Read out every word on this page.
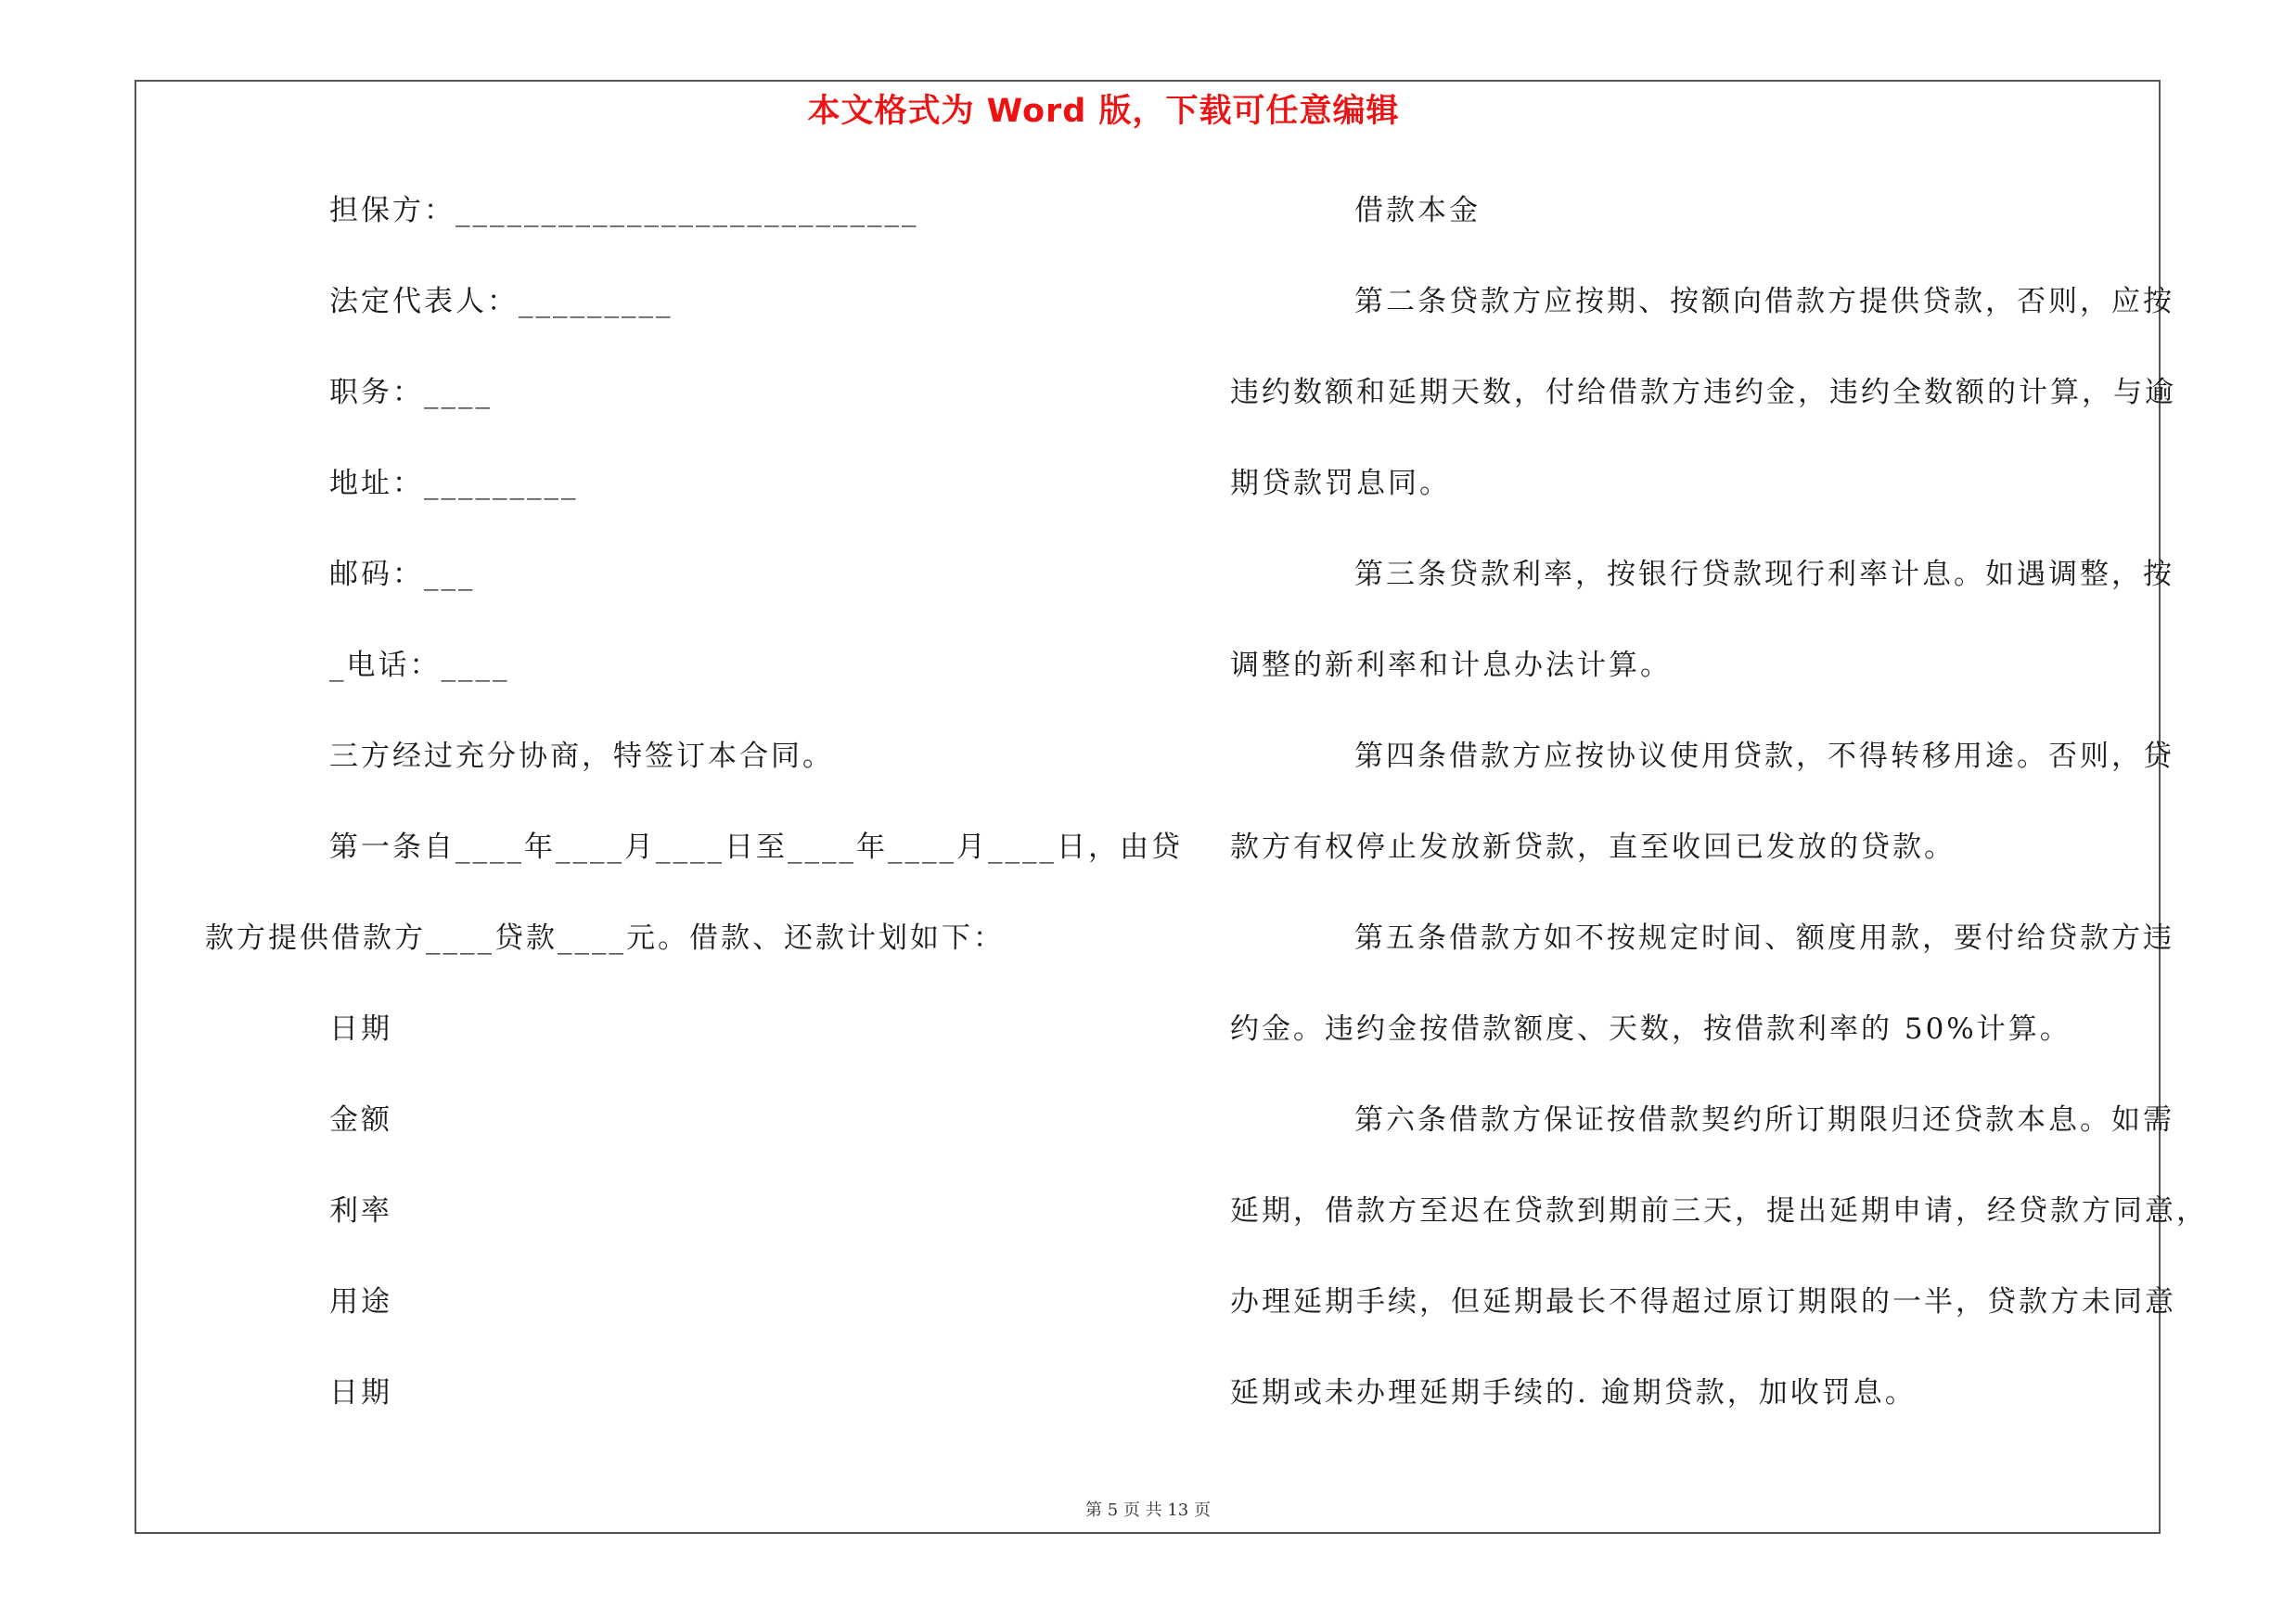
本文格式为 Word 版，下载可任意编辑
担保方：___________________________
法定代表人：_________
职务：____
地址：_________
邮码：___
_电话：____
三方经过充分协商，特签订本合同。
第一条自____年____月____日至____年____月____日，由贷
款方提供借款方____贷款____元。借款、还款计划如下：
日期
金额
利率
用途
日期
借款本金
第二条贷款方应按期、按额向借款方提供贷款，否则，应按
违约数额和延期天数，付给借款方违约金，违约全数额的计算，与逾
期贷款罚息同。
第三条贷款利率，按银行贷款现行利率计息。如遇调整，按
调整的新利率和计息办法计算。
第四条借款方应按协议使用贷款，不得转移用途。否则，贷
款方有权停止发放新贷款，直至收回已发放的贷款。
第五条借款方如不按规定时间、额度用款，要付给贷款方违
约金。违约金按借款额度、天数，按借款利率的 50%计算。
第六条借款方保证按借款契约所订期限归还贷款本息。如需
延期，借款方至迟在贷款到期前三天，提出延期申请，经贷款方同意，
办理延期手续，但延期最长不得超过原订期限的一半，贷款方未同意
延期或未办理延期手续的. 逾期贷款，加收罚息。
第 5 页 共 13 页
